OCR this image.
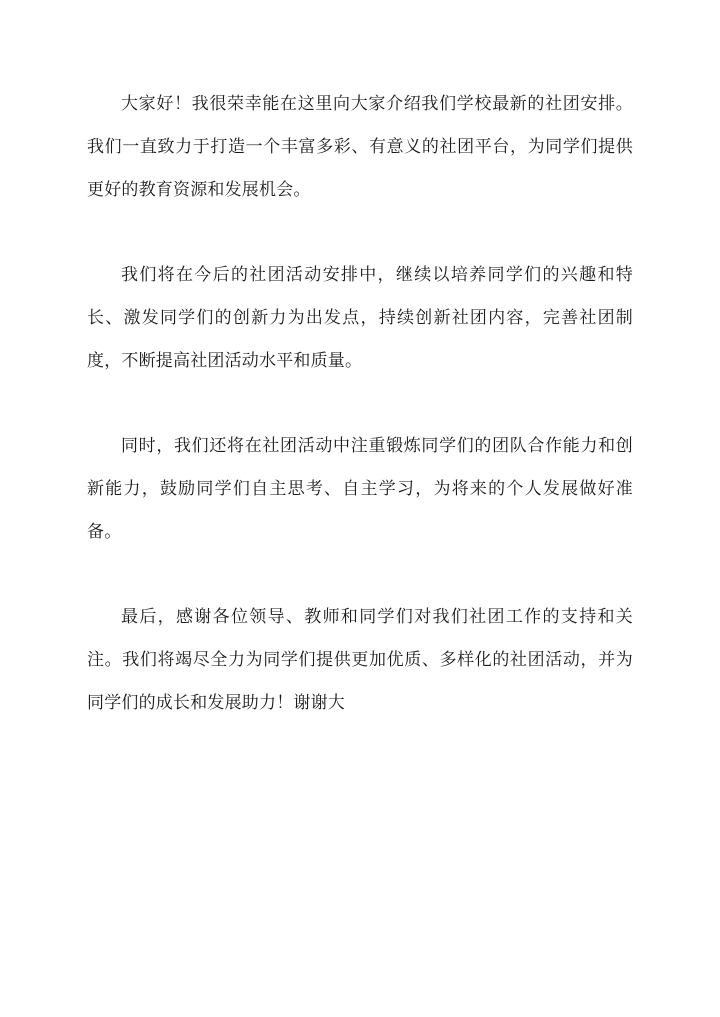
大家好！我很荣幸能在这里向大家介绍我们学校最新的社团安排。我们一直致力于打造一个丰富多彩、有意义的社团平台，为同学们提供更好的教育资源和发展机会。

我们将在今后的社团活动安排中，继续以培养同学们的兴趣和特长、激发同学们的创新力为出发点，持续创新社团内容，完善社团制度，不断提高社团活动水平和质量。

同时，我们还将在社团活动中注重锻炼同学们的团队合作能力和创新能力，鼓励同学们自主思考、自主学习，为将来的个人发展做好准备。

最后，感谢各位领导、教师和同学们对我们社团工作的支持和关注。我们将竭尽全力为同学们提供更加优质、多样化的社团活动，并为同学们的成长和发展助力！谢谢大
